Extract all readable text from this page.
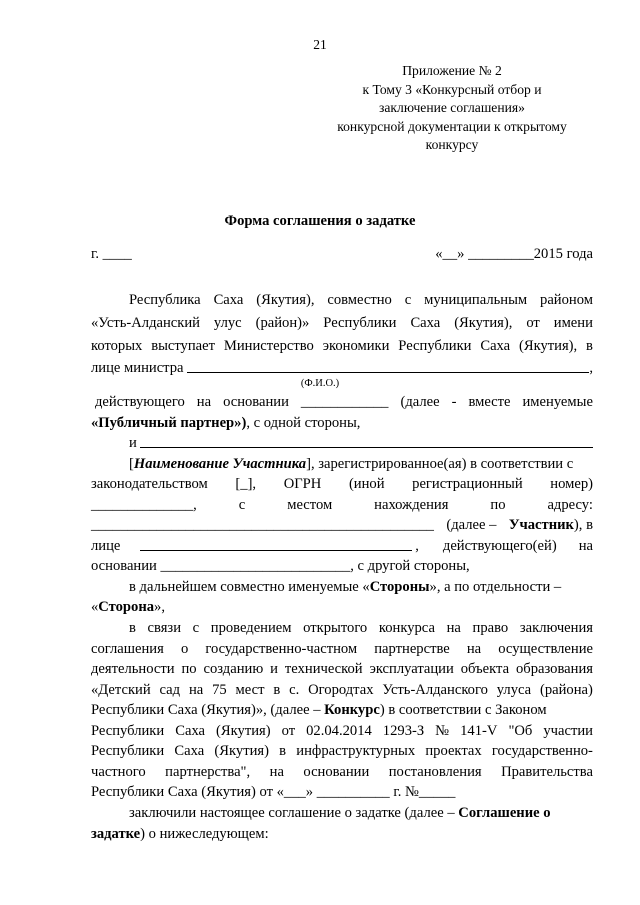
21
Приложение № 2
к Тому 3 «Конкурсный отбор и
заключение соглашения»
конкурсной документации к открытому
конкурсу
Форма соглашения о задатке
г. ____	«__» _________2015 года
Республика Саха (Якутия), совместно с муниципальным районом
«Усть-Алданский улус (район)» Республики Саха (Якутия), от имени
которых выступает Министерство экономики Республики Саха (Якутия), в
лице министра	,
(Ф.И.О.)
действующего на основании ____________ (далее - вместе именуемые
«Публичный партнер»), с одной стороны,
и
[Наименование Участника], зарегистрированное(ая) в соответствии с
законодательством [_], ОГРН (иной регистрационный номер)
______________,	с	местом	нахождения	по	адресу:
_______________________________________________ (далее – Участник), в
лице	, действующего(ей) на
основании __________________________, с другой стороны,
в дальнейшем совместно именуемые «Стороны», а по отдельности –
«Сторона»,
в связи с проведением открытого конкурса на право заключения
соглашения о государственно-частном партнерстве на осуществление
деятельности по созданию и технической эксплуатации объекта образования
«Детский сад на 75 мест в с. Огородтах Усть-Алданского улуса (района)
Республики Саха (Якутия)», (далее – Конкурс) в соответствии с Законом
Республики Саха (Якутия) от 02.04.2014 1293-З № 141-V "Об участии
Республики Саха (Якутия) в инфраструктурных проектах государственно-
частного партнерства", на основании постановления Правительства
Республики Саха (Якутия) от «___» __________ г. №_____
заключили настоящее соглашение о задатке (далее – Соглашение о
задатке) о нижеследующем:
